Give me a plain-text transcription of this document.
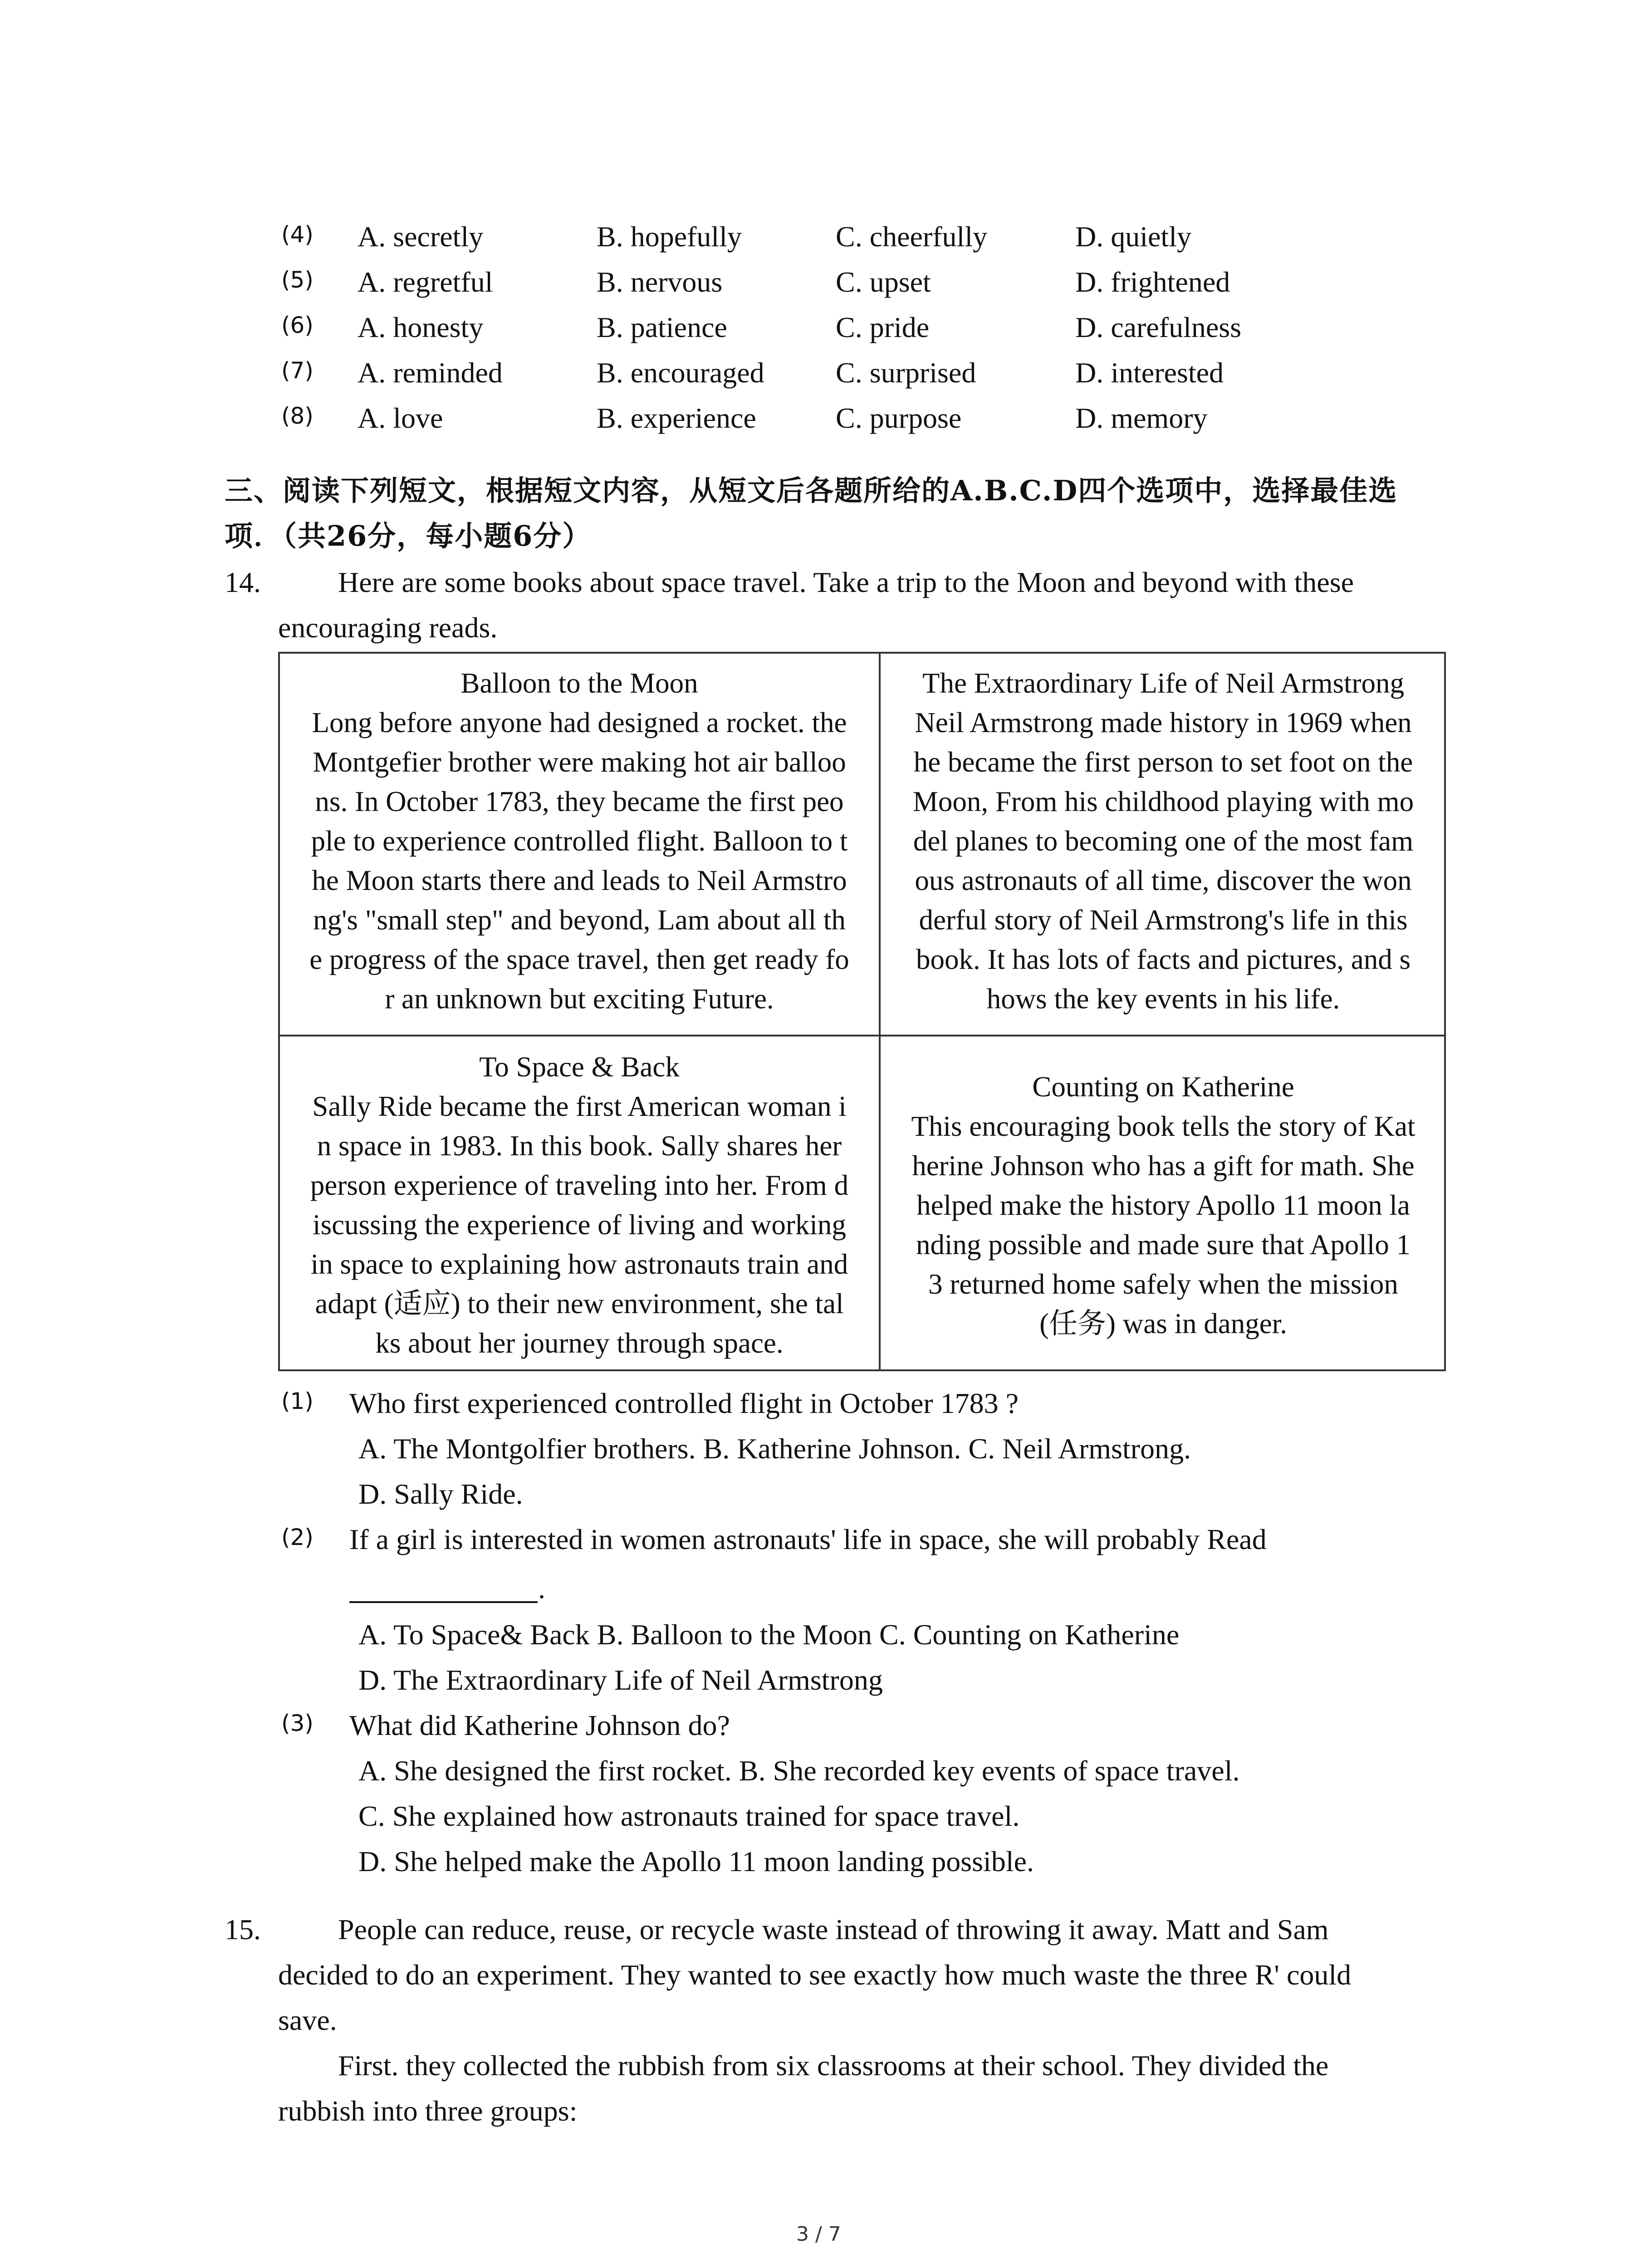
(4) A. secretly	B. hopefully	C. cheerfully	D. quietly
(5) A. regretful	B. nervous	C. upset	D. frightened
(6) A. honesty	B. patience	C. pride	D. carefulness
(7) A. reminded	B. encouraged C. surprised	D. interested
(8) A. love	B. experience	C. purpose	D. memory
三、阅读下列短文，根据短文内容，从短文后各题所给的A.B.C.D四个选项中，选择最佳选
项．（共26分，每小题6分）
14.	Here are some books about space travel. Take a trip to the Moon and beyond with these
encouraging reads.
Balloon to the Moon
Long before anyone had designed a rocket. the
Montgefier brother were making hot air balloo
ns. In October 1783, they became the first peo
ple to experience controlled flight. Balloon to t
he Moon starts there and leads to Neil Armstro
ng's "small step" and beyond, Lam about all th
e progress of the space travel, then get ready fo
r an unknown but exciting Future.
The Extraordinary Life of Neil Armstrong
Neil Armstrong made history in 1969 when
he became the first person to set foot on the
Moon, From his childhood playing with mo
del planes to becoming one of the most fam
ous astronauts of all time, discover the won
derful story of Neil Armstrong's life in this
book. It has lots of facts and pictures, and s
hows the key events in his life.
To Space & Back
Sally Ride became the first American woman i
n space in 1983. In this book. Sally shares her
person experience of traveling into her. From d
iscussing the experience of living and working
in space to explaining how astronauts train and
adapt (适应) to their new environment, she tal
ks about her journey through space.
Counting on Katherine
This encouraging book tells the story of Kat
herine Johnson who has a gift for math. She
helped make the history Apollo 11 moon la
nding possible and made sure that Apollo 1
3 returned home safely when the mission
(任务) was in danger.
(1) Who first experienced controlled flight in October 1783 ?
A. The Montgolfier brothers. B. Katherine Johnson. C. Neil Armstrong.
D. Sally Ride.
(2) If a girl is interested in women astronauts' life in space, she will probably Read
.
A. To Space& Back B. Balloon to the Moon C. Counting on Katherine
D. The Extraordinary Life of Neil Armstrong
(3) What did Katherine Johnson do?
A. She designed the first rocket. B. She recorded key events of space travel.
C. She explained how astronauts trained for space travel.
D. She helped make the Apollo 11 moon landing possible.
15.	People can reduce, reuse, or recycle waste instead of throwing it away. Matt and Sam
decided to do an experiment. They wanted to see exactly how much waste the three R' could
save.
First. they collected the rubbish from six classrooms at their school. They divided the
rubbish into three groups:
3 / 7
